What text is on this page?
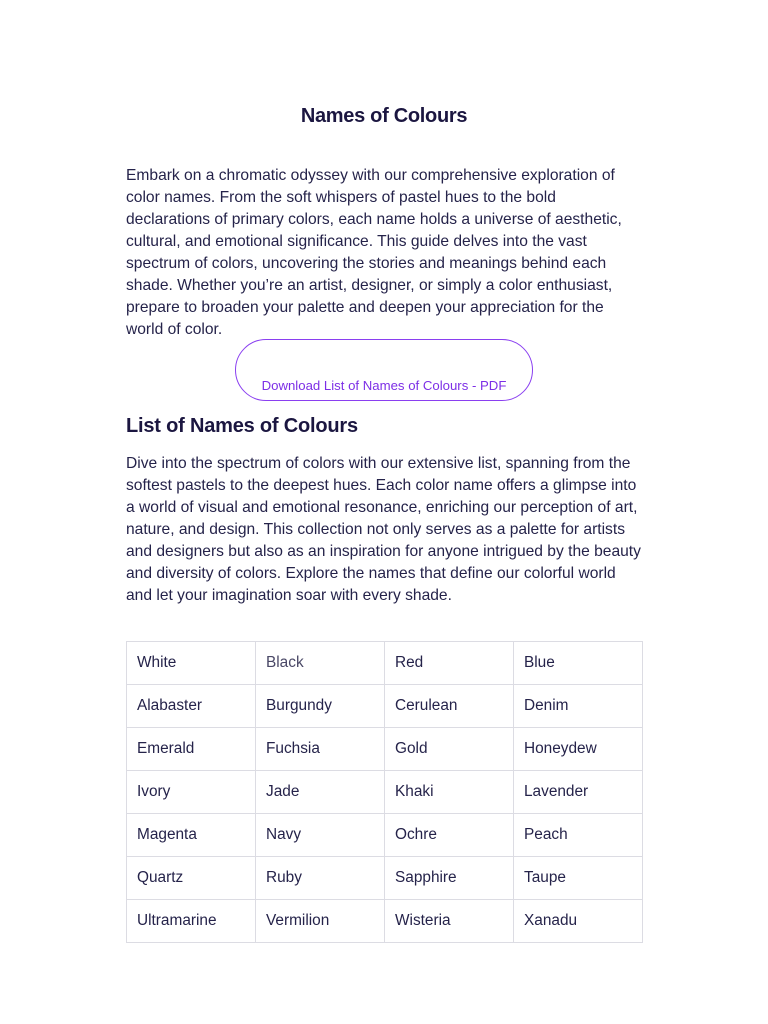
Names of Colours

Embark on a chromatic odyssey with our comprehensive exploration of color names. From the soft whispers of pastel hues to the bold declarations of primary colors, each name holds a universe of aesthetic, cultural, and emotional significance. This guide delves into the vast spectrum of colors, uncovering the stories and meanings behind each shade. Whether you’re an artist, designer, or simply a color enthusiast, prepare to broaden your palette and deepen your appreciation for the world of color.

Download List of Names of Colours - PDF
List of Names of Colours

Dive into the spectrum of colors with our extensive list, spanning from the softest pastels to the deepest hues. Each color name offers a glimpse into a world of visual and emotional resonance, enriching our perception of art, nature, and design. This collection not only serves as a palette for artists and designers but also as an inspiration for anyone intrigued by the beauty and diversity of colors. Explore the names that define our colorful world and let your imagination soar with every shade.

White	Black	Red	Blue
Alabaster	Burgundy	Cerulean	Denim
Emerald	Fuchsia	Gold	Honeydew
Ivory	Jade	Khaki	Lavender
Magenta	Navy	Ochre	Peach
Quartz	Ruby	Sapphire	Taupe
Ultramarine	Vermilion	Wisteria	Xanadu
